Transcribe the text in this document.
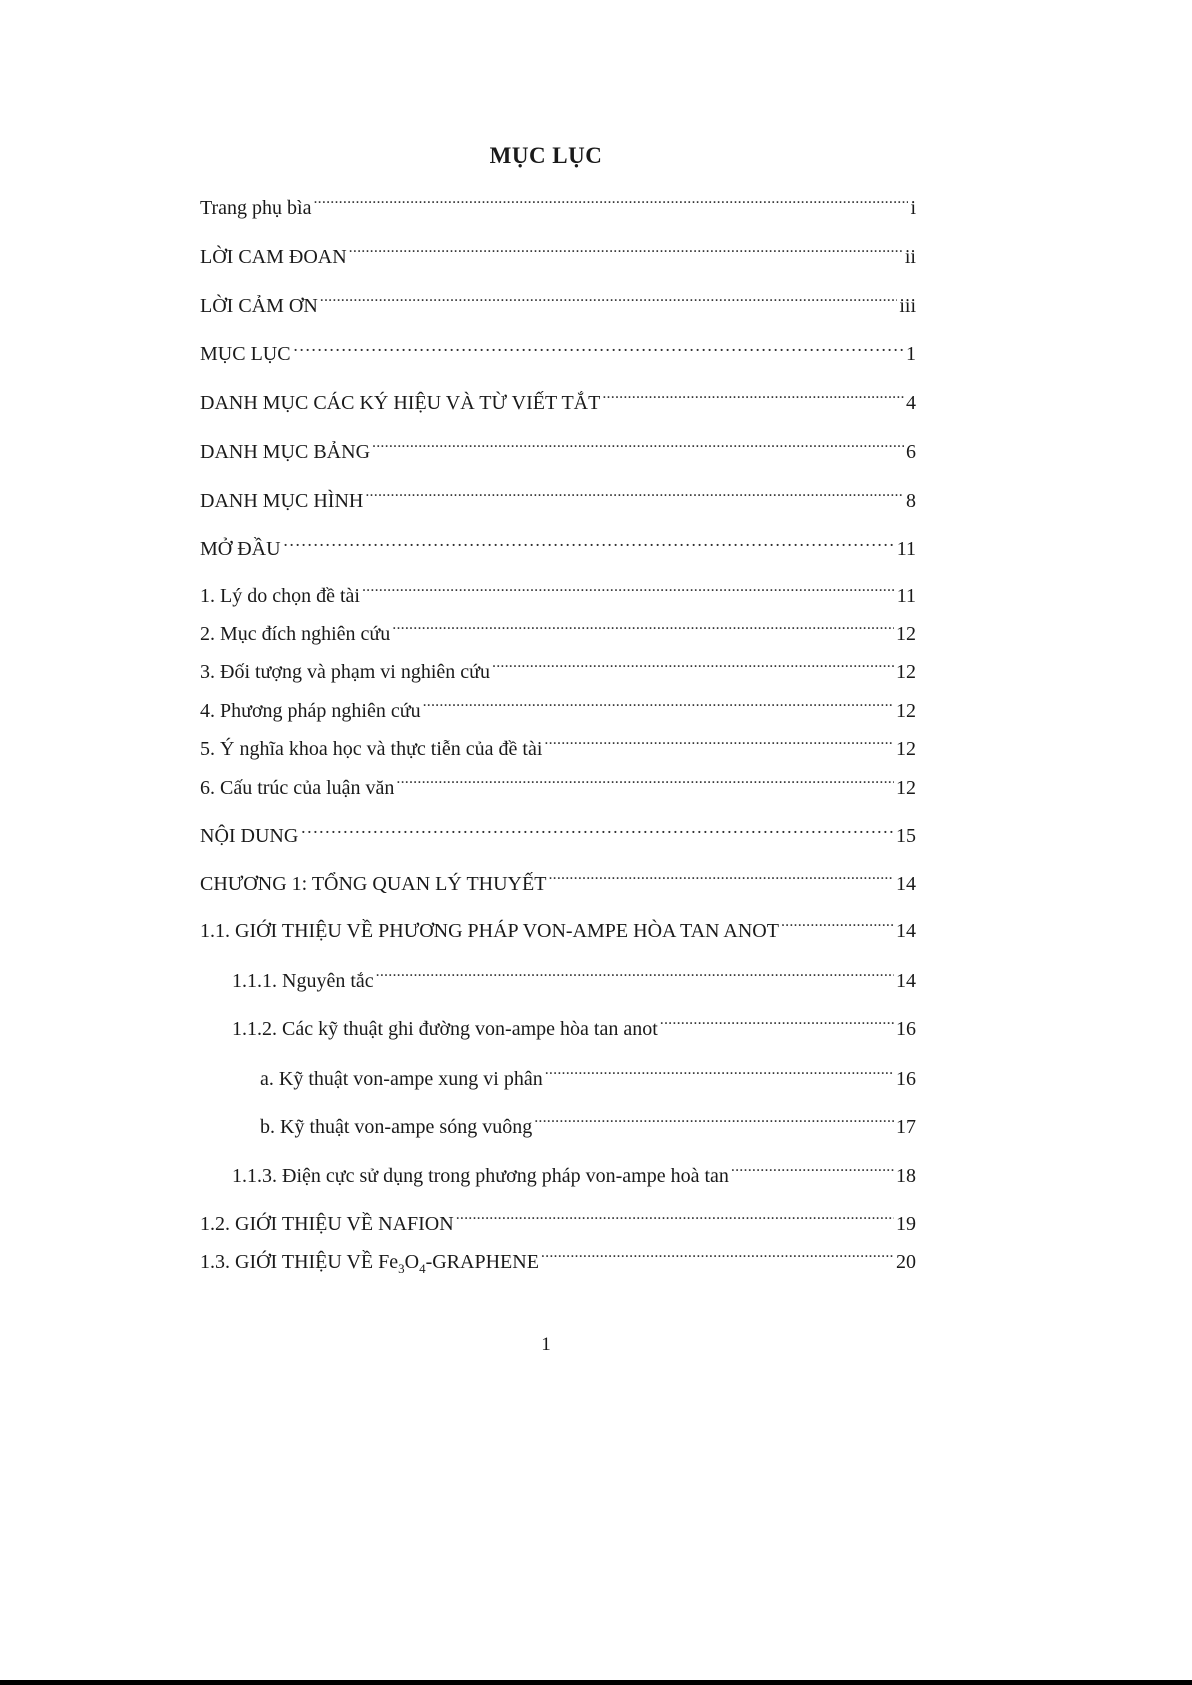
MỤC LỤC
Trang phụ bìa .....	i
LỜI CAM ĐOAN .....	ii
LỜI CẢM ƠN .....	iii
MỤC LỤC …………………………………………………………………………………………………………………………………………………………………	1
DANH MỤC CÁC KÝ HIỆU VÀ TỪ VIẾT TẮT .....	4
DANH MỤC BẢNG .....	6
DANH MỤC HÌNH .....	8
MỞ ĐẦU …………………………………………………………………………………………………………………………………………………………………	11
1. Lý do chọn đề tài .....	11
2. Mục đích nghiên cứu .....	12
3. Đối tượng và phạm vi nghiên cứu .....	12
4. Phương pháp nghiên cứu .....	12
5. Ý nghĩa khoa học và thực tiễn của đề tài .....	12
6. Cấu trúc của luận văn .....	12
NỘI DUNG …………………………………………………………………………………………………………………………………………………………………	15
CHƯƠNG 1: TỔNG QUAN LÝ THUYẾT .....	14
1.1. GIỚI THIỆU VỀ PHƯƠNG PHÁP VON-AMPE HÒA TAN ANOT .....	14
1.1.1. Nguyên tắc .....	14
1.1.2. Các kỹ thuật ghi đường von-ampe hòa tan anot .....	16
a. Kỹ thuật von-ampe xung vi phân .....	16
b. Kỹ thuật von-ampe sóng vuông .....	17
1.1.3. Điện cực sử dụng trong phương pháp von-ampe hoà tan .....	18
1.2. GIỚI THIỆU VỀ NAFION .....	19
1.3. GIỚI THIỆU VỀ $Fe_3O_4$-GRAPHENE .....	20
1
